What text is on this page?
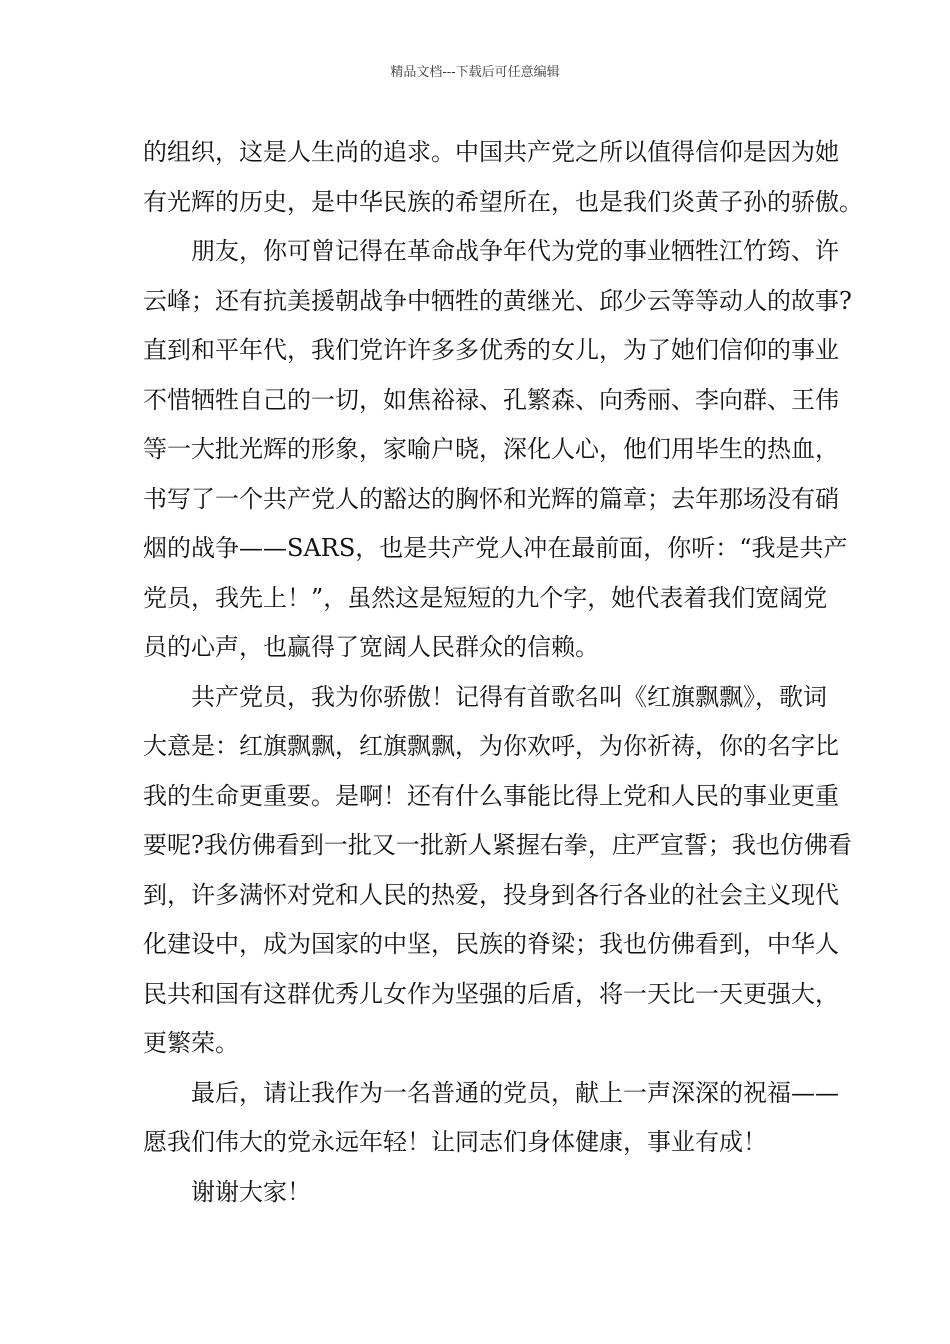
精品文档---下载后可任意编辑
的组织，这是人生尚的追求。中国共产党之所以值得信仰是因为她
有光辉的历史，是中华民族的希望所在，也是我们炎黄子孙的骄傲。
朋友，你可曾记得在革命战争年代为党的事业牺牲江竹筠、许
云峰；还有抗美援朝战争中牺牲的黄继光、邱少云等等动人的故事?
直到和平年代，我们党许许多多优秀的女儿，为了她们信仰的事业
不惜牺牲自己的一切，如焦裕禄、孔繁森、向秀丽、李向群、王伟
等一大批光辉的形象，家喻户晓，深化人心，他们用毕生的热血，
书写了一个共产党人的豁达的胸怀和光辉的篇章；去年那场没有硝
烟的战争——SARS，也是共产党人冲在最前面，你听：“我是共产
党员，我先上！”，虽然这是短短的九个字，她代表着我们宽阔党
员的心声，也赢得了宽阔人民群众的信赖。
共产党员，我为你骄傲！记得有首歌名叫《红旗飘飘》，歌词
大意是：红旗飘飘，红旗飘飘，为你欢呼，为你祈祷，你的名字比
我的生命更重要。是啊！还有什么事能比得上党和人民的事业更重
要呢?我仿佛看到一批又一批新人紧握右拳，庄严宣誓；我也仿佛看
到，许多满怀对党和人民的热爱，投身到各行各业的社会主义现代
化建设中，成为国家的中坚，民族的脊梁；我也仿佛看到，中华人
民共和国有这群优秀儿女作为坚强的后盾，将一天比一天更强大，
更繁荣。
最后，请让我作为一名普通的党员，献上一声深深的祝福——
愿我们伟大的党永远年轻！让同志们身体健康，事业有成！
谢谢大家！
